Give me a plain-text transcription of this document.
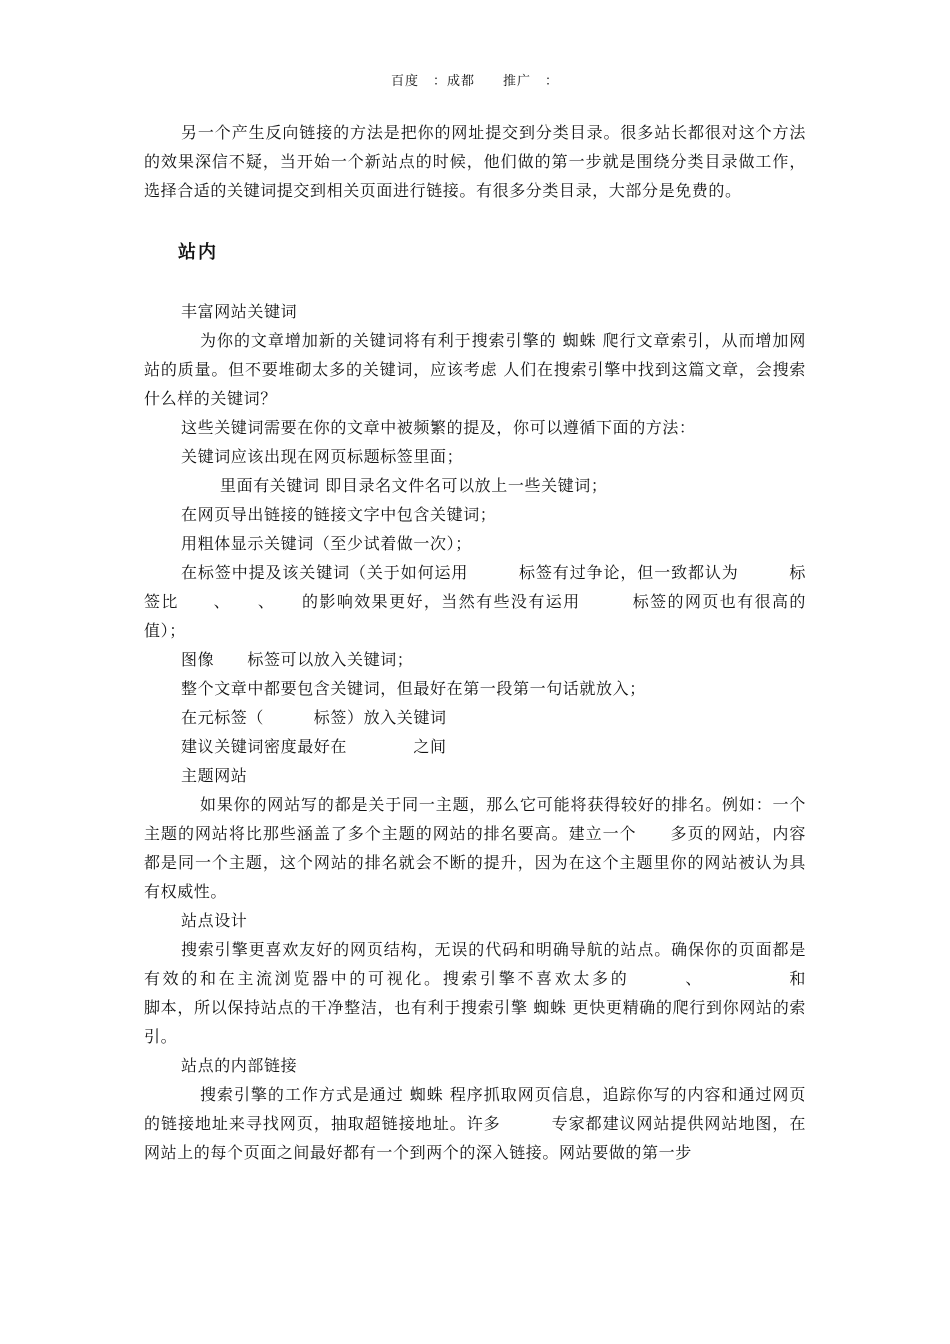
百度　：成都　　推广　：

另一个产生反向链接的方法是把你的网址提交到分类目录。很多站长都很对这个方法的效果深信不疑，当开始一个新站点的时候，他们做的第一步就是围绕分类目录做工作，选择合适的关键词提交到相关页面进行链接。有很多分类目录，大部分是免费的。

站内

丰富网站关键词

为你的文章增加新的关键词将有利于搜索引擎的 蜘蛛 爬行文章索引，从而增加网站的质量。但不要堆砌太多的关键词，应该考虑 人们在搜索引擎中找到这篇文章，会搜索什么样的关键词？

这些关键词需要在你的文章中被频繁的提及，你可以遵循下面的方法：

关键词应该出现在网页标题标签里面；

里面有关键词 即目录名文件名可以放上一些关键词；

在网页导出链接的链接文字中包含关键词；

用粗体显示关键词（至少试着做一次）；

在标签中提及该关键词（关于如何运用　　　标签有过争论，但一致都认为　　　标签比　　、　　、　　的影响效果更好，当然有些没有运用　　　标签的网页也有很高的　　值）；

图像　　标签可以放入关键词；

整个文章中都要包含关键词，但最好在第一段第一句话就放入；

在元标签（　　　标签）放入关键词

建议关键词密度最好在　　　　之间

主题网站

如果你的网站写的都是关于同一主题，那么它可能将获得较好的排名。例如：一个主题的网站将比那些涵盖了多个主题的网站的排名要高。建立一个　　多页的网站，内容都是同一个主题，这个网站的排名就会不断的提升，因为在这个主题里你的网站被认为具有权威性。

站点设计

搜索引擎更喜欢友好的网页结构，无误的代码和明确导航的站点。确保你的页面都是有效的和在主流浏览器中的可视化。搜索引擎不喜欢太多的　　　、　　　　　和　　　　脚本，所以保持站点的干净整洁，也有利于搜索引擎 蜘蛛 更快更精确的爬行到你网站的索引。

站点的内部链接

搜索引擎的工作方式是通过 蜘蛛 程序抓取网页信息，追踪你写的内容和通过网页的链接地址来寻找网页，抽取超链接地址。许多　　　专家都建议网站提供网站地图，在网站上的每个页面之间最好都有一个到两个的深入链接。网站要做的第一步
